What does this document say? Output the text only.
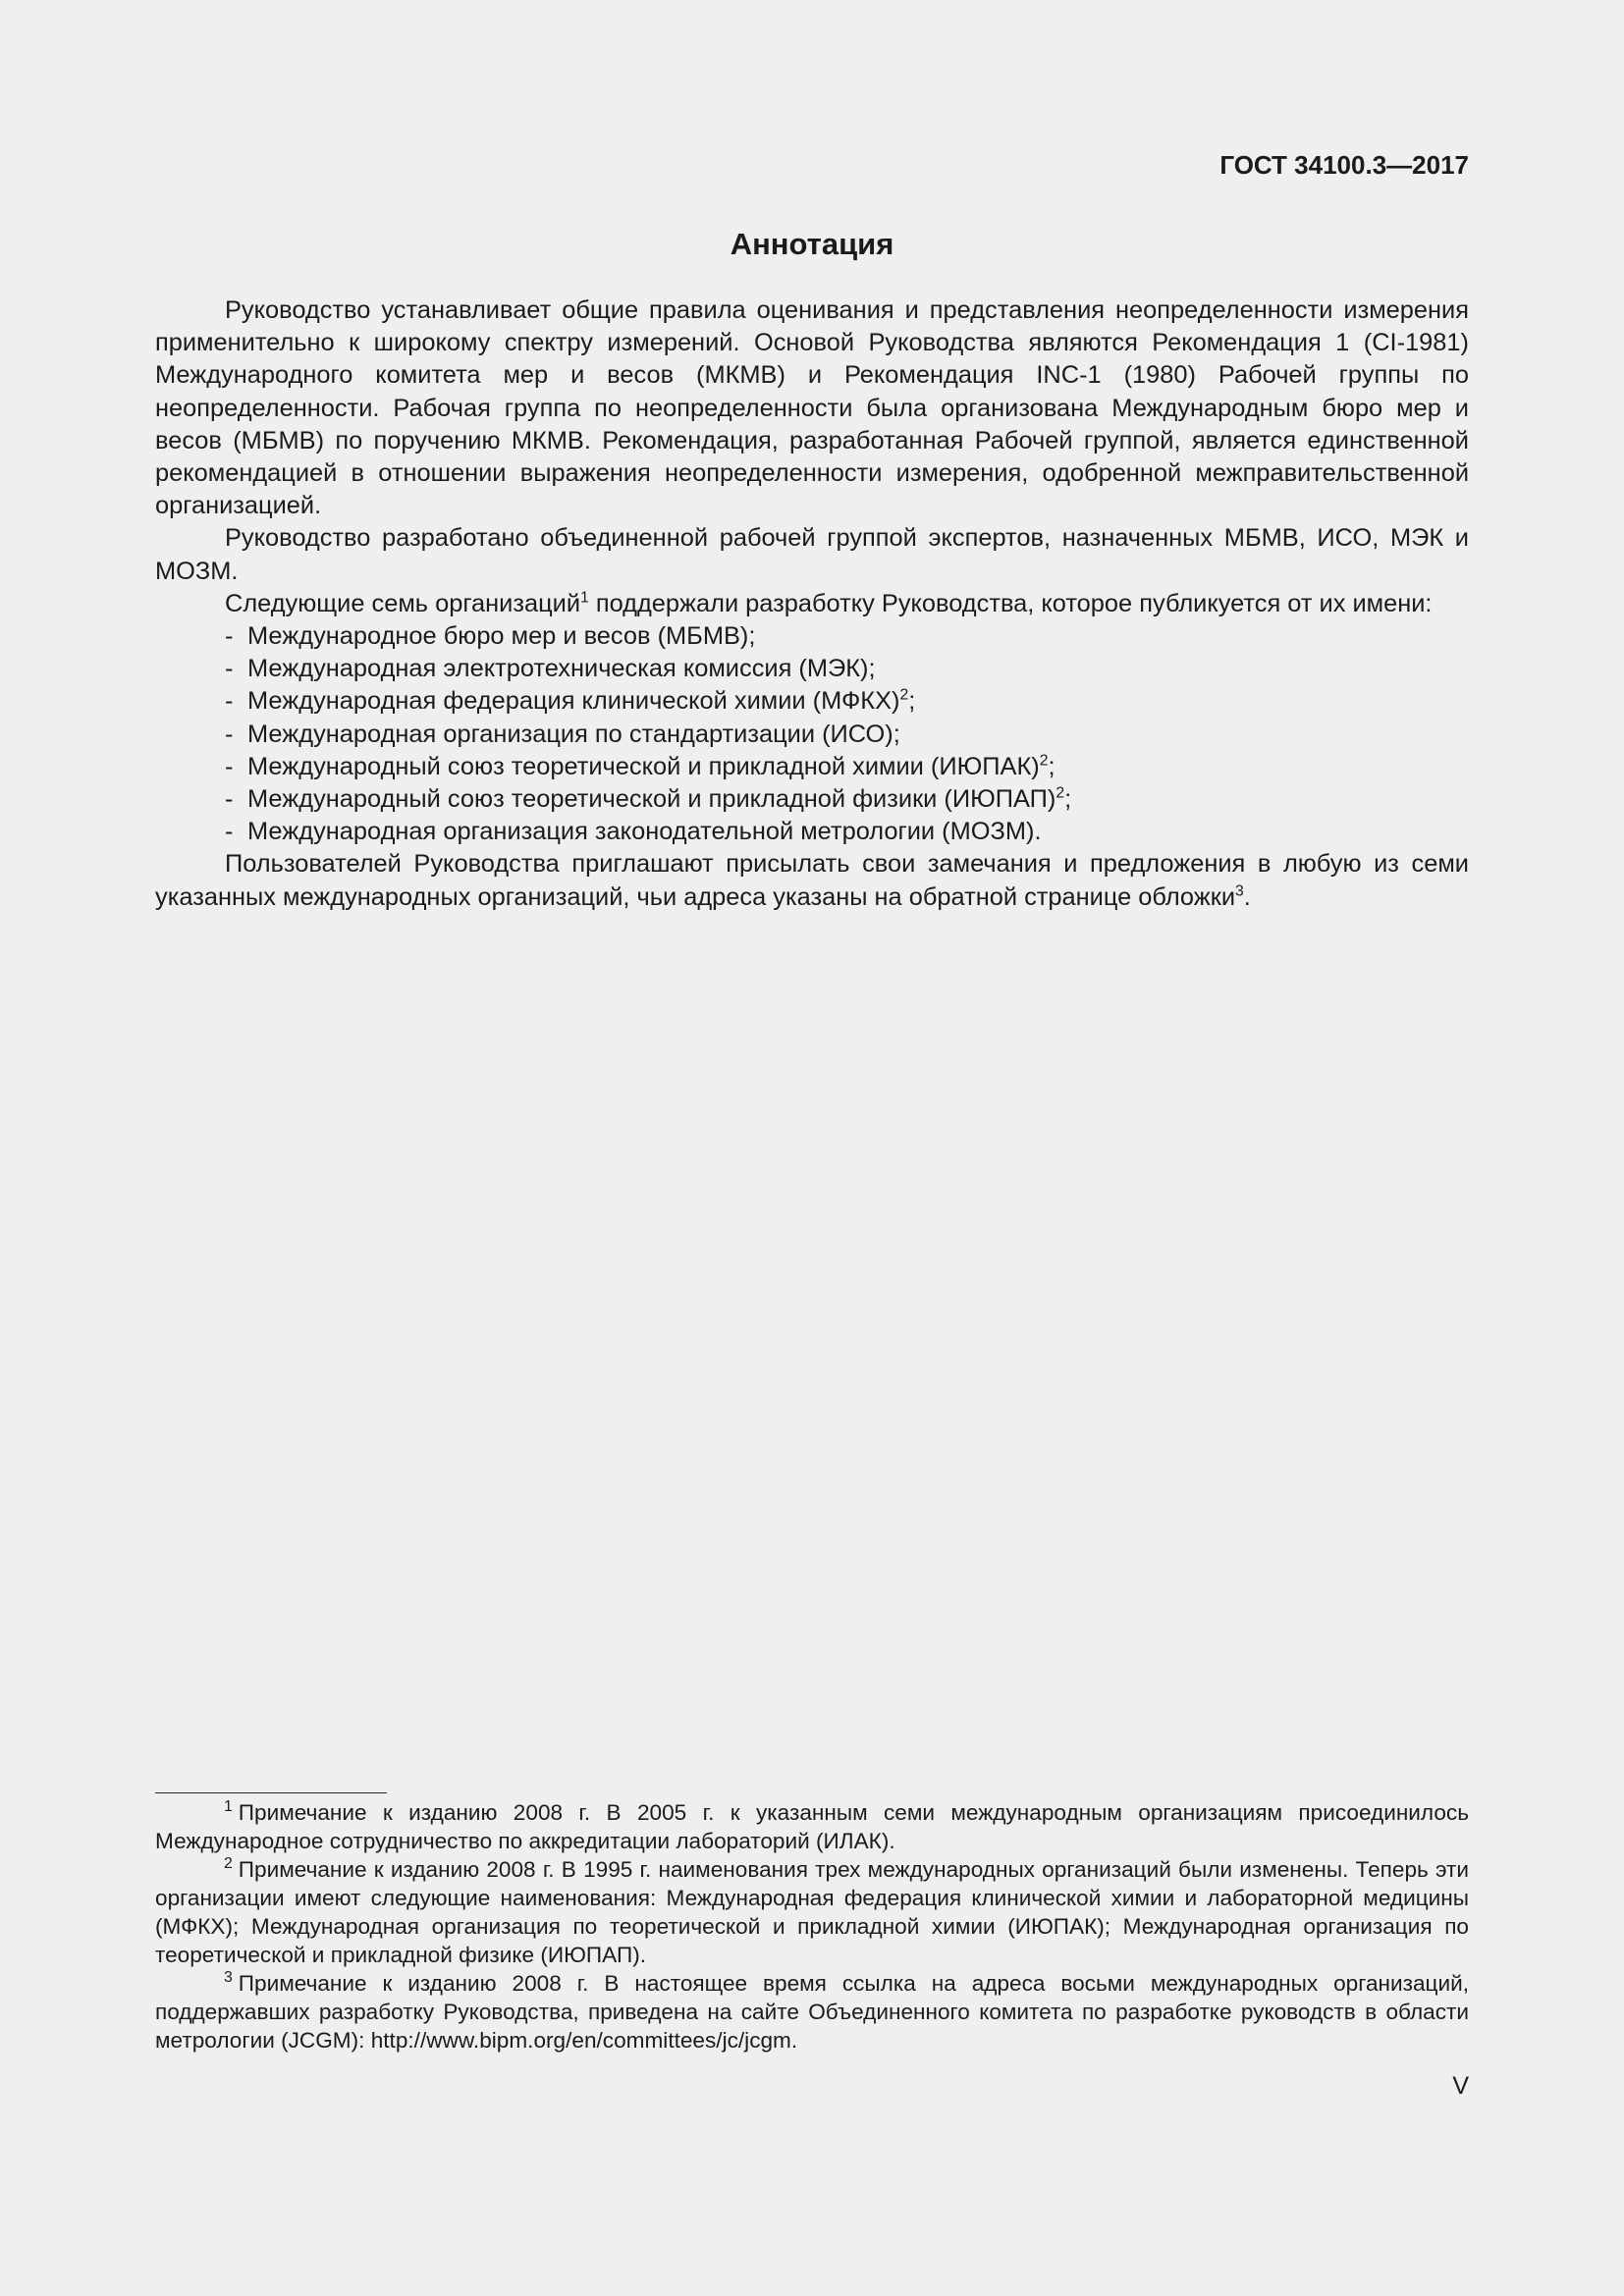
ГОСТ 34100.3—2017
Аннотация

Руководство устанавливает общие правила оценивания и представления неопределенности измерения применительно к широкому спектру измерений. Основой Руководства являются Рекомендация 1 (CI-1981) Международного комитета мер и весов (МКМВ) и Рекомендация INC-1 (1980) Рабочей группы по неопределенности. Рабочая группа по неопределенности была организована Международным бюро мер и весов (МБМВ) по поручению МКМВ. Рекомендация, разработанная Рабочей группой, является единственной рекомендацией в отношении выражения неопределенности измерения, одобренной межправительственной организацией.

Руководство разработано объединенной рабочей группой экспертов, назначенных МБМВ, ИСО, МЭК и МОЗМ.

Следующие семь организаций$^1$ поддержали разработку Руководства, которое публикуется от их имени:

- Международное бюро мер и весов (МБМВ);
- Международная электротехническая комиссия (МЭК);
- Международная федерация клинической химии (МФКХ)$^2$;
- Международная организация по стандартизации (ИСО);
- Международный союз теоретической и прикладной химии (ИЮПАК)$^2$;
- Международный союз теоретической и прикладной физики (ИЮПАП)$^2$;
- Международная организация законодательной метрологии (МОЗМ).

Пользователей Руководства приглашают присылать свои замечания и предложения в любую из семи указанных международных организаций, чьи адреса указаны на обратной странице обложки$^3$.

$^1$ Примечание к изданию 2008 г. В 2005 г. к указанным семи международным организациям присоединилось Международное сотрудничество по аккредитации лабораторий (ИЛАК).

$^2$ Примечание к изданию 2008 г. В 1995 г. наименования трех международных организаций были изменены. Теперь эти организации имеют следующие наименования: Международная федерация клинической химии и лабораторной медицины (МФКХ); Международная организация по теоретической и прикладной химии (ИЮПАК); Международная организация по теоретической и прикладной физике (ИЮПАП).

$^3$ Примечание к изданию 2008 г. В настоящее время ссылка на адреса восьми международных организаций, поддержавших разработку Руководства, приведена на сайте Объединенного комитета по разработке руководств в области метрологии (JCGM): http://www.bipm.org/en/committees/jc/jcgm.

V
